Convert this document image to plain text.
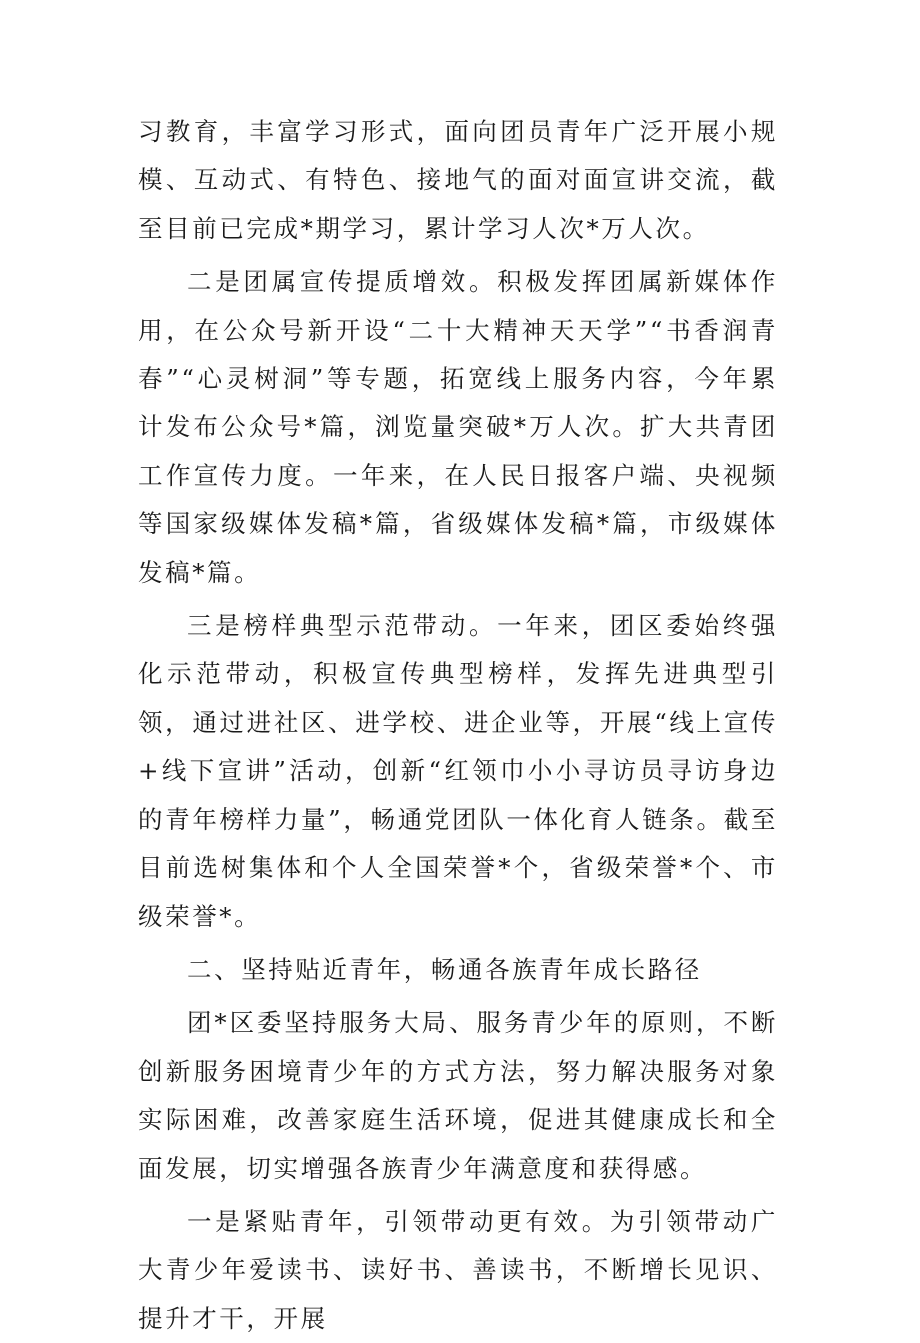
习教育，丰富学习形式，面向团员青年广泛开展小规模、互动式、有特色、接地气的面对面宣讲交流，截至目前已完成*期学习，累计学习人次*万人次。

二是团属宣传提质增效。积极发挥团属新媒体作用，在公众号新开设“二十大精神天天学”“书香润青春”“心灵树洞”等专题，拓宽线上服务内容，今年累计发布公众号*篇，浏览量突破*万人次。扩大共青团工作宣传力度。一年来，在人民日报客户端、央视频等国家级媒体发稿*篇，省级媒体发稿*篇，市级媒体发稿*篇。

三是榜样典型示范带动。一年来，团区委始终强化示范带动，积极宣传典型榜样，发挥先进典型引领，通过进社区、进学校、进企业等，开展“线上宣传+线下宣讲”活动，创新“红领巾小小寻访员寻访身边的青年榜样力量”，畅通党团队一体化育人链条。截至目前选树集体和个人全国荣誉*个，省级荣誉*个、市级荣誉*。

二、坚持贴近青年，畅通各族青年成长路径

团*区委坚持服务大局、服务青少年的原则，不断创新服务困境青少年的方式方法，努力解决服务对象实际困难，改善家庭生活环境，促进其健康成长和全面发展，切实增强各族青少年满意度和获得感。

一是紧贴青年，引领带动更有效。为引领带动广大青少年爱读书、读好书、善读书，不断增长见识、提升才干，开展
